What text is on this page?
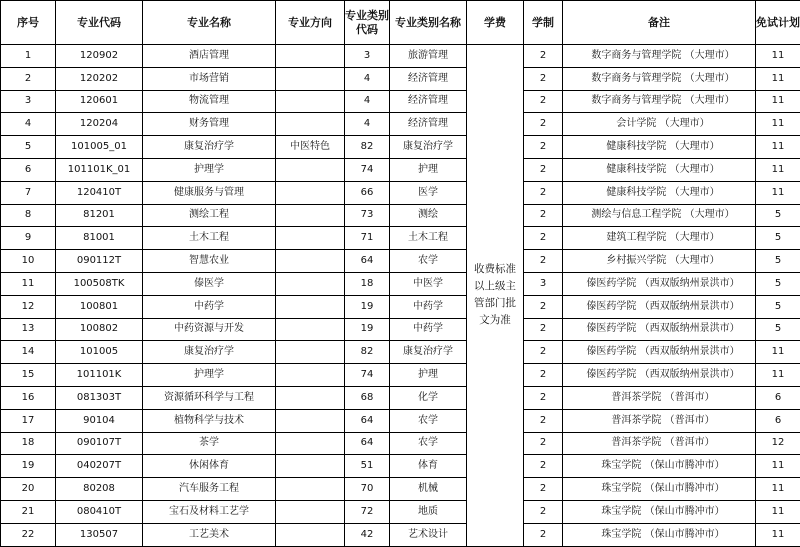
序号	专业代码	专业名称	专业方向	专业类别代码	专业类别名称	学费	学制	备注	免试计划
1	120902	酒店管理		3	旅游管理	收费标准以上级主管部门批文为准	2	数字商务与管理学院 （大理市）	11
2	120202	市场营销		4	经济管理		2	数字商务与管理学院 （大理市）	11
3	120601	物流管理		4	经济管理		2	数字商务与管理学院 （大理市）	11
4	120204	财务管理		4	经济管理		2	会计学院 （大理市）	11
5	101005_01	康复治疗学	中医特色	82	康复治疗学		2	健康科技学院 （大理市）	11
6	101101K_01	护理学		74	护理		2	健康科技学院 （大理市）	11
7	120410T	健康服务与管理		66	医学		2	健康科技学院 （大理市）	11
8	81201	测绘工程		73	测绘		2	测绘与信息工程学院 （大理市）	5
9	81001	土木工程		71	土木工程		2	建筑工程学院 （大理市）	5
10	090112T	智慧农业		64	农学		2	乡村振兴学院 （大理市）	5
11	100508TK	傣医学		18	中医学		3	傣医药学院 （西双版纳州景洪市）	5
12	100801	中药学		19	中药学		2	傣医药学院 （西双版纳州景洪市）	5
13	100802	中药资源与开发		19	中药学		2	傣医药学院 （西双版纳州景洪市）	5
14	101005	康复治疗学		82	康复治疗学		2	傣医药学院 （西双版纳州景洪市）	11
15	101101K	护理学		74	护理		2	傣医药学院 （西双版纳州景洪市）	11
16	081303T	资源循环科学与工程		68	化学		2	普洱茶学院 （普洱市）	6
17	90104	植物科学与技术		64	农学		2	普洱茶学院 （普洱市）	6
18	090107T	茶学		64	农学		2	普洱茶学院 （普洱市）	12
19	040207T	休闲体育		51	体育		2	珠宝学院 （保山市腾冲市）	11
20	80208	汽车服务工程		70	机械		2	珠宝学院 （保山市腾冲市）	11
21	080410T	宝石及材料工艺学		72	地质		2	珠宝学院 （保山市腾冲市）	11
22	130507	工艺美术		42	艺术设计		2	珠宝学院 （保山市腾冲市）	11
